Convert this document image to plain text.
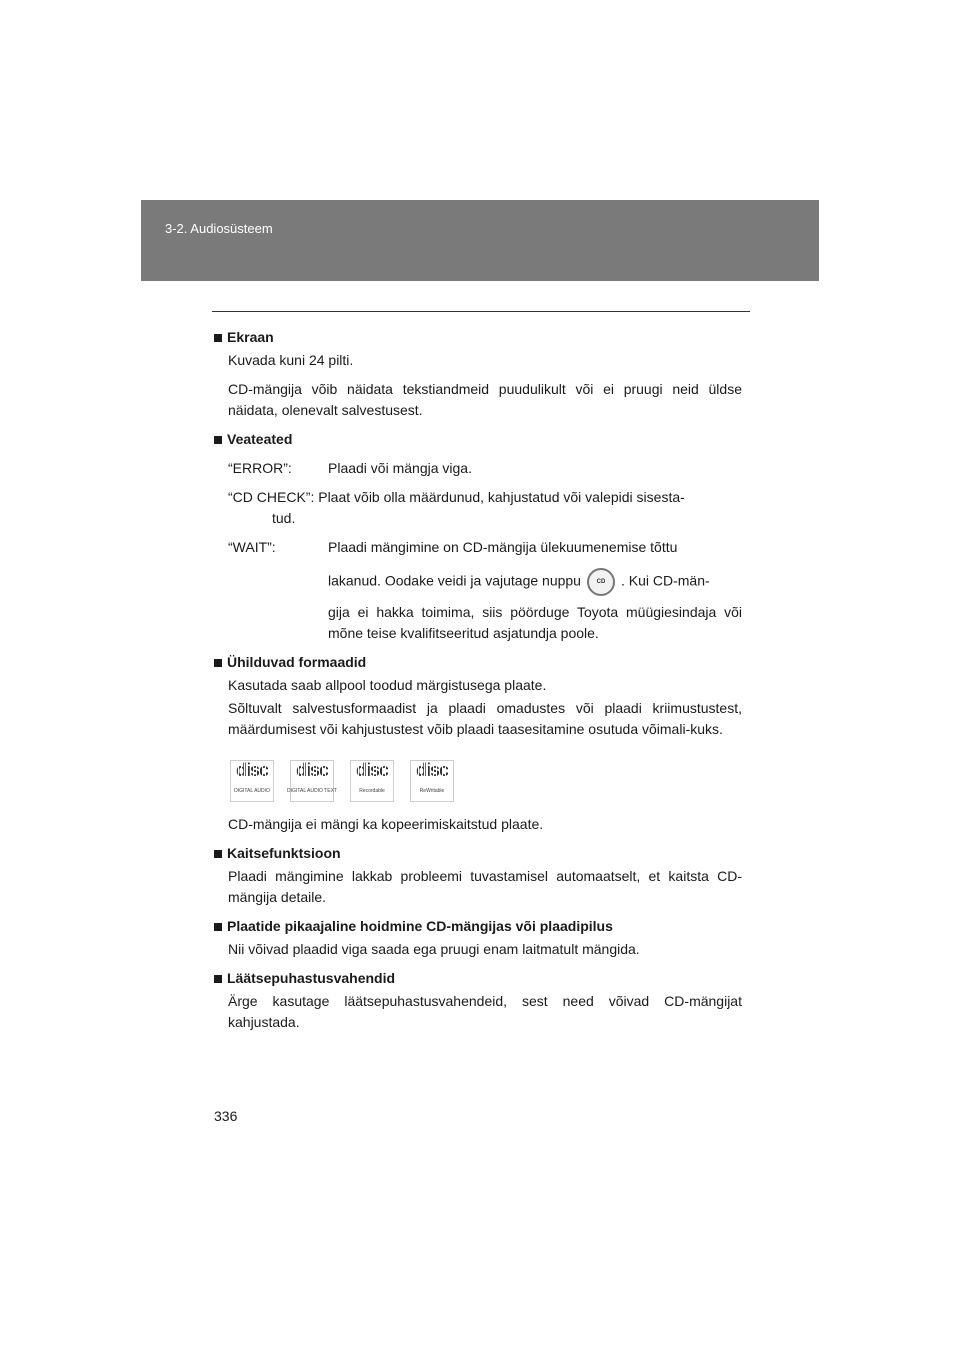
3-2. Audiosüsteem
Ekraan
Kuvada kuni 24 pilti.
CD-mängija võib näidata tekstiandmeid puudulikult või ei pruugi neid üldse näidata, olenevalt salvestusest.
Veateated
“ERROR”:	Plaadi või mängja viga.
“CD CHECK”: Plaat võib olla määrdunud, kahjustatud või valepidi sisesta-
tud.
“WAIT”:	Plaadi mängimine on CD-mängija ülekuumenemise tõttu
lakanud. Oodake veidi ja vajutage nuppu	CD . Kui CD-män-
gija ei hakka toimima, siis pöörduge Toyota müügiesindaja või mõne teise kvalifitseeritud asjatundja poole.
Ühilduvad formaadid
Kasutada saab allpool toodud märgistusega plaate.
Sõltuvalt salvestusformaadist ja plaadi omadustes või plaadi kriimustustest, määrdumisest või kahjustustest võib plaadi taasesitamine osutuda võimali-kuks.
disc
DIGITAL AUDIO
disc
DIGITAL AUDIO TEXT
disc
Recordable
disc
ReWritable
CD-mängija ei mängi ka kopeerimiskaitstud plaate.
Kaitsefunktsioon
Plaadi mängimine lakkab probleemi tuvastamisel automaatselt, et kaitsta CD-mängija detaile.
Plaatide pikaajaline hoidmine CD-mängijas või plaadipilus
Nii võivad plaadid viga saada ega pruugi enam laitmatult mängida.
Läätsepuhastusvahendid
Ärge kasutage läätsepuhastusvahendeid, sest need võivad CD-mängijat kahjustada.
336
